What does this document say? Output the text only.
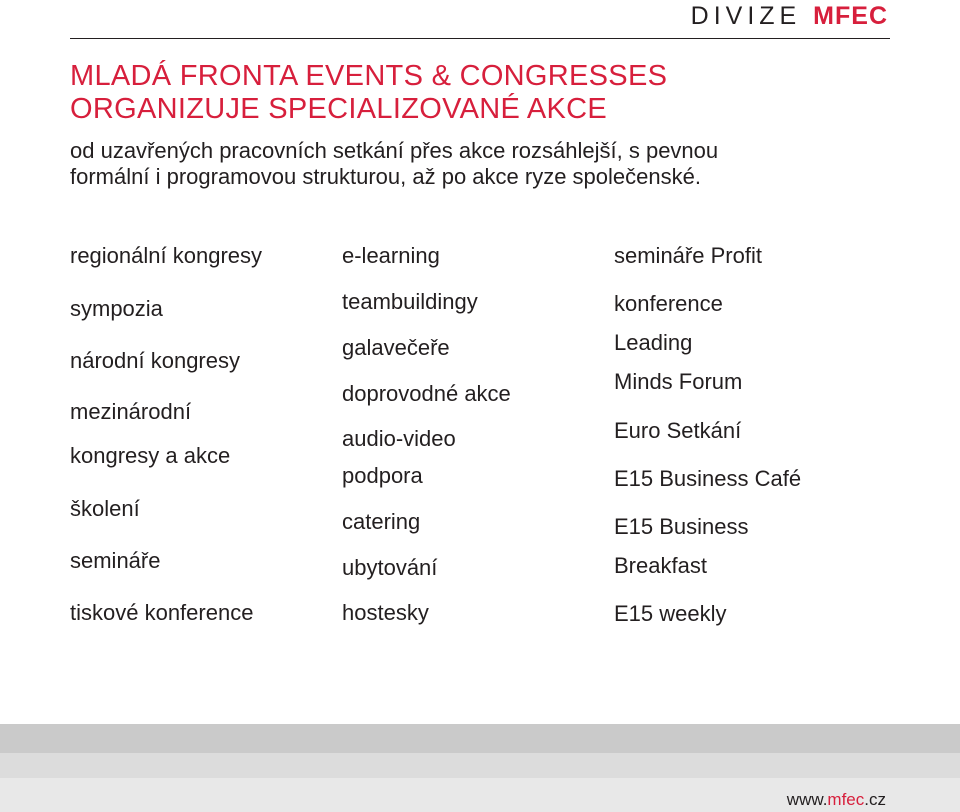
DIVIZE MFEC
MLADÁ FRONTA EVENTS & CONGRESSES
ORGANIZUJE SPECIALIZOVANÉ AKCE
od uzavřených pracovních setkání přes akce rozsáhlejší, s pevnou
formální i programovou strukturou, až po akce ryze společenské.
regionální kongresy
sympozia
národní kongresy
mezinárodní
kongresy a akce
školení
semináře
tiskové konference
e-learning
teambuildingy
galavečeře
doprovodné akce
audio-video
podpora
catering
ubytování
hostesky
semináře Profit
konference
Leading
Minds Forum
Euro Setkání
E15 Business Café
E15 Business
Breakfast
E15 weekly
www.mfec.cz
